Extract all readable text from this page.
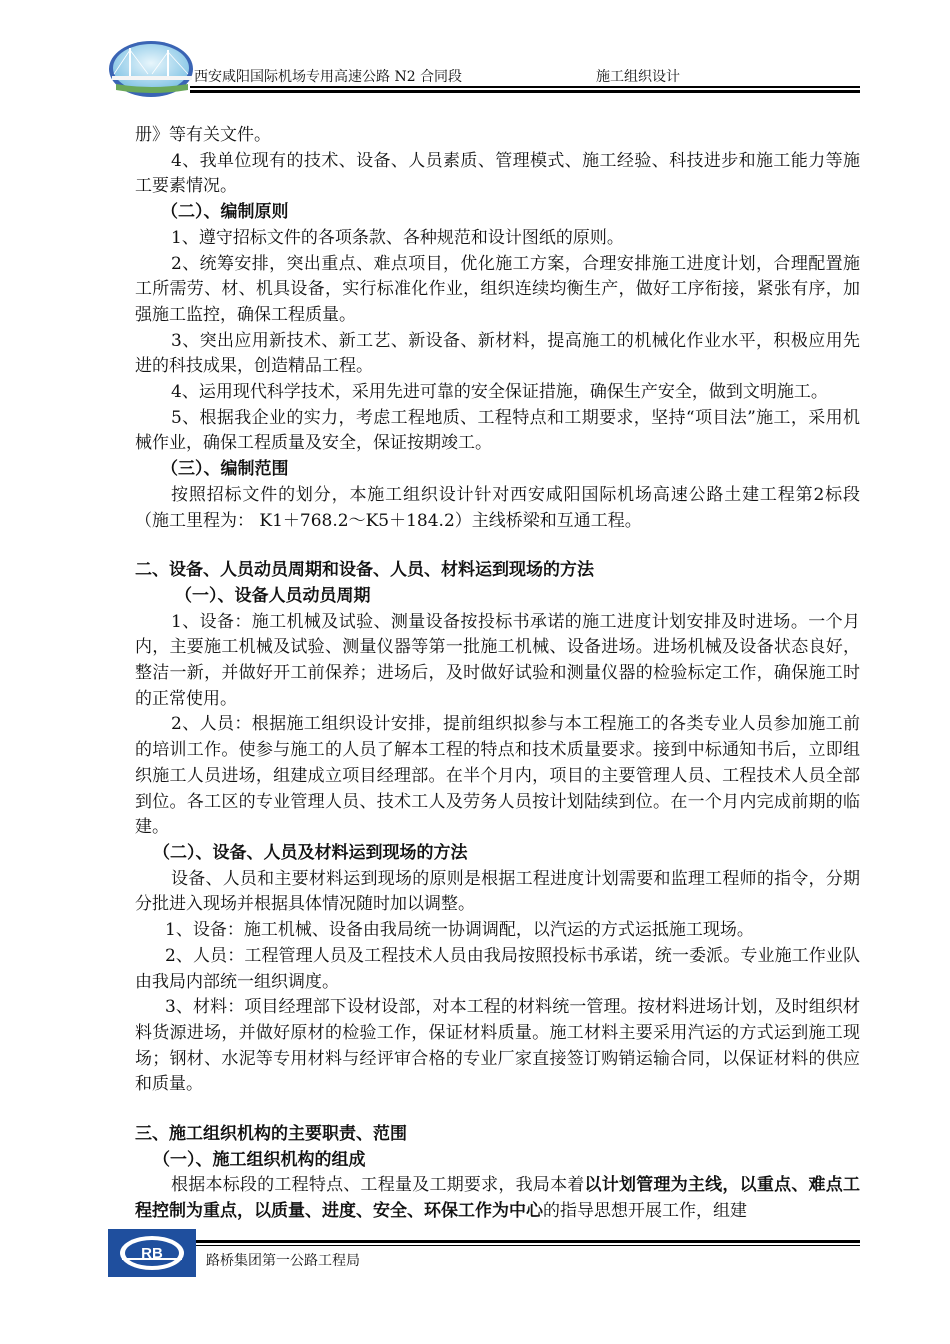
西安咸阳国际机场专用高速公路 N2 合同段	施工组织设计

册》等有关文件。

4、我单位现有的技术、设备、人员素质、管理模式、施工经验、科技进步和施工能力等施工要素情况。

（二）、编制原则

1、遵守招标文件的各项条款、各种规范和设计图纸的原则。

2、统筹安排，突出重点、难点项目，优化施工方案，合理安排施工进度计划，合理配置施工所需劳、材、机具设备，实行标准化作业，组织连续均衡生产，做好工序衔接，紧张有序，加强施工监控，确保工程质量。

3、突出应用新技术、新工艺、新设备、新材料，提高施工的机械化作业水平，积极应用先进的科技成果，创造精品工程。

4、运用现代科学技术，采用先进可靠的安全保证措施，确保生产安全，做到文明施工。

5、根据我企业的实力，考虑工程地质、工程特点和工期要求，坚持“项目法”施工，采用机械作业，确保工程质量及安全，保证按期竣工。

（三）、编制范围

按照招标文件的划分，本施工组织设计针对西安咸阳国际机场高速公路土建工程第2标段（施工里程为： K1＋768.2～K5＋184.2）主线桥梁和互通工程。

二、设备、人员动员周期和设备、人员、材料运到现场的方法

（一）、设备人员动员周期

1、设备：施工机械及试验、测量设备按投标书承诺的施工进度计划安排及时进场。一个月内，主要施工机械及试验、测量仪器等第一批施工机械、设备进场。进场机械及设备状态良好，整洁一新，并做好开工前保养；进场后，及时做好试验和测量仪器的检验标定工作，确保施工时的正常使用。

2、人员：根据施工组织设计安排，提前组织拟参与本工程施工的各类专业人员参加施工前的培训工作。使参与施工的人员了解本工程的特点和技术质量要求。接到中标通知书后，立即组织施工人员进场，组建成立项目经理部。在半个月内，项目的主要管理人员、工程技术人员全部到位。各工区的专业管理人员、技术工人及劳务人员按计划陆续到位。在一个月内完成前期的临建。

（二）、设备、人员及材料运到现场的方法

设备、人员和主要材料运到现场的原则是根据工程进度计划需要和监理工程师的指令，分期分批进入现场并根据具体情况随时加以调整。

1、设备：施工机械、设备由我局统一协调调配，以汽运的方式运抵施工现场。

2、人员：工程管理人员及工程技术人员由我局按照投标书承诺，统一委派。专业施工作业队由我局内部统一组织调度。

3、材料：项目经理部下设材设部，对本工程的材料统一管理。按材料进场计划，及时组织材料货源进场，并做好原材的检验工作，保证材料质量。施工材料主要采用汽运的方式运到施工现场；钢材、水泥等专用材料与经评审合格的专业厂家直接签订购销运输合同，以保证材料的供应和质量。

三、施工组织机构的主要职责、范围

（一）、施工组织机构的组成

根据本标段的工程特点、工程量及工期要求，我局本着以计划管理为主线，以重点、难点工程控制为重点，以质量、进度、安全、环保工作为中心的指导思想开展工作，组建

RB	路桥集团第一公路工程局
